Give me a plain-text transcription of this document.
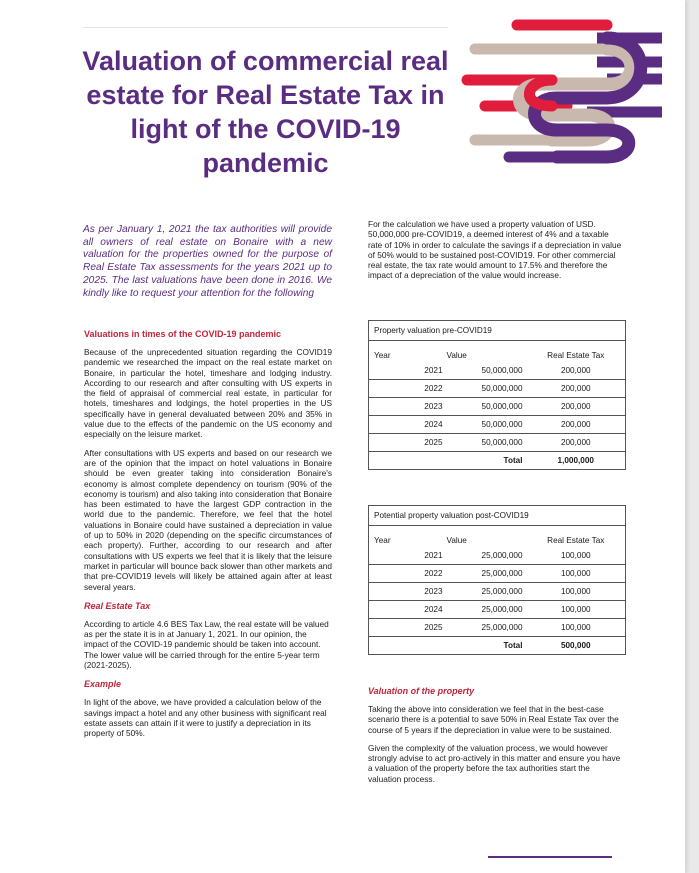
Valuation of commercial real estate for Real Estate Tax in light of the COVID-19 pandemic

As per January 1, 2021 the tax authorities will provide all owners of real estate on Bonaire with a new valuation for the properties owned for the purpose of Real Estate Tax assessments for the years 2021 up to 2025. The last valuations have been done in 2016. We kindly like to request your attention for the following

Valuations in times of the COVID-19 pandemic

Because of the unprecedented situation regarding the COVID19 pandemic we researched the impact on the real estate market on Bonaire, in particular the hotel, timeshare and lodging industry. According to our research and after consulting with US experts in the field of appraisal of commercial real estate, in particular for hotels, timeshares and lodgings, the hotel properties in the US specifically have in general devaluated between 20% and 35% in value due to the effects of the pandemic on the US economy and especially on the leisure market.

After consultations with US experts and based on our research we are of the opinion that the impact on hotel valuations in Bonaire should be even greater taking into consideration Bonaire's economy is almost complete dependency on tourism (90% of the economy is tourism) and also taking into consideration that Bonaire has been estimated to have the largest GDP contraction in the world due to the pandemic. Therefore, we feel that the hotel valuations in Bonaire could have sustained a depreciation in value of up to 50% in 2020 (depending on the specific circumstances of each property). Further, according to our research and after consultations with US experts we feel that it is likely that the leisure market in particular will bounce back slower than other markets and that pre-COVID19 levels will likely be attained again after at least several years.

Real Estate Tax

According to article 4.6 BES Tax Law, the real estate will be valued as per the state it is in at January 1, 2021. In our opinion, the impact of the COVID-19 pandemic should be taken into account. The lower value will be carried through for the entire 5-year term (2021-2025).

Example

In light of the above, we have provided a calculation below of the savings impact a hotel and any other business with significant real estate assets can attain if it were to justify a depreciation in its property of 50%.

For the calculation we have used a property valuation of USD. 50,000,000 pre-COVID19, a deemed interest of 4% and a taxable rate of 10% in order to calculate the savings if a depreciation in value of 50% would to be sustained post-COVID19. For other commercial real estate, the tax rate would amount to 17.5% and therefore the impact of a depreciation of the value would increase.

Property valuation pre-COVID19		
Year	Value	Real Estate Tax
2021	50,000,000	200,000
2022	50,000,000	200,000
2023	50,000,000	200,000
2024	50,000,000	200,000
2025	50,000,000	200,000
	Total	1,000,000
Potential property valuation post-COVID19		
Year	Value	Real Estate Tax
2021	25,000,000	100,000
2022	25,000,000	100,000
2023	25,000,000	100,000
2024	25,000,000	100,000
2025	25,000,000	100,000
	Total	500,000
Valuation of the property

Taking the above into consideration we feel that in the best-case scenario there is a potential to save 50% in Real Estate Tax over the course of 5 years if the depreciation in value were to be sustained.

Given the complexity of the valuation process, we would however strongly advise to act pro-actively in this matter and ensure you have a valuation of the property before the tax authorities start the valuation process.
